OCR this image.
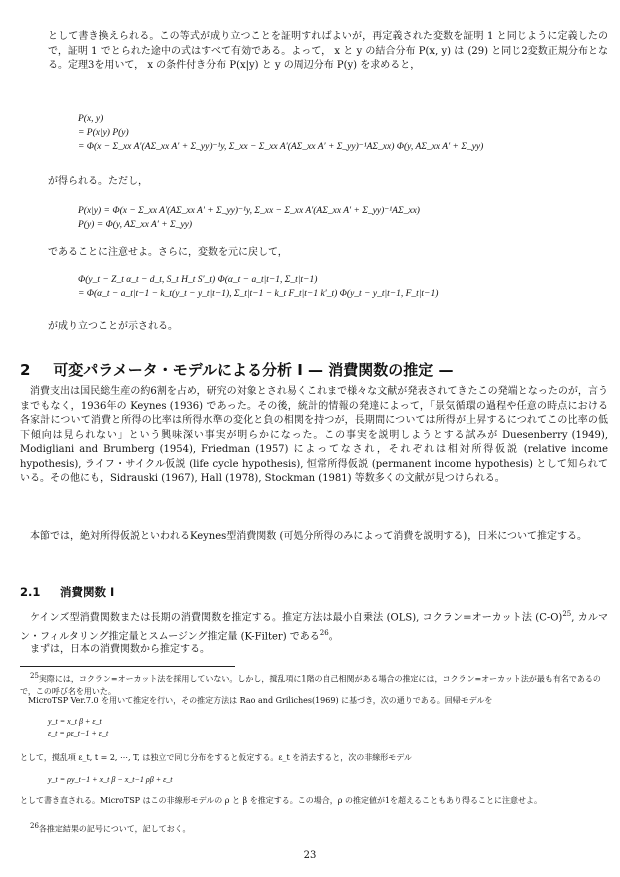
として書き換えられる。この等式が成り立つことを証明すればよいが，再定義された変数を証明 1 と同じように定義したので，証明 1 でとられた途中の式はすべて有効である。よって， x と y の結合分布 P(x, y) は (29) と同じ2変数正規分布となる。定理3を用いて， x の条件付き分布 P(x|y) と y の周辺分布 P(y) を求めると，

P(x, y)
= P(x|y) P(y)
= Φ(x − Σ_xx A′(AΣ_xx A′ + Σ_yy)⁻¹y, Σ_xx − Σ_xx A′(AΣ_xx A′ + Σ_yy)⁻¹AΣ_xx) Φ(y, AΣ_xx A′ + Σ_yy)

が得られる。ただし，

P(x|y) = Φ(x − Σ_xx A′(AΣ_xx A′ + Σ_yy)⁻¹y, Σ_xx − Σ_xx A′(AΣ_xx A′ + Σ_yy)⁻¹AΣ_xx)
P(y) = Φ(y, AΣ_xx A′ + Σ_yy)

であることに注意せよ。さらに，変数を元に戻して，

Φ(y_t − Z_t α_t − d_t, S_t H_t S′_t) Φ(α_t − a_t|t−1, Σ_t|t−1)
= Φ(α_t − a_t|t−1 − k_t(y_t − y_t|t−1), Σ_t|t−1 − k_t F_t|t−1 k′_t) Φ(y_t − y_t|t−1, F_t|t−1)

が成り立つことが示される。

2 可変パラメータ・モデルによる分析 I — 消費関数の推定 —

消費支出は国民総生産の約6割を占め，研究の対象とされ易くこれまで様々な文献が発表されてきたこの発端となったのが，言うまでもなく，1936年の Keynes (1936) であった。その後，統計的情報の発達によって，「景気循環の過程や任意の時点における各家計について消費と所得の比率は所得水準の変化と負の相関を持つが，長期間については所得が上昇するにつれてこの比率の低下傾向は見られない」という興味深い事実が明らかになった。この事実を説明しようとする試みが Duesenberry (1949), Modigliani and Brumberg (1954), Friedman (1957) によってなされ，それぞれは相対所得仮説 (relative income hypothesis), ライフ・サイクル仮説 (life cycle hypothesis), 恒常所得仮説 (permanent income hypothesis) として知られている。その他にも，Sidrauski (1967), Hall (1978), Stockman (1981) 等数多くの文献が見つけられる。

本節では，絶対所得仮説といわれるKeynes型消費関数 (可処分所得のみによって消費を説明する)，日米について推定する。

2.1 消費関数 I

ケインズ型消費関数または長期の消費関数を推定する。推定方法は最小自乗法 (OLS), コクラン=オーカット法 $(C-O)^{25}$, カルマン・フィルタリング推定量とスムージング推定量 (K-Filter) である$^{26}$。

まずは，日本の消費関数から推定する。

$^{25}$実際には，コクラン=オーカット法を採用していない。しかし，撹乱項に1階の自己相関がある場合の推定には，コクラン=オーカット法が最も有名であるので，この呼び名を用いた。

MicroTSP Ver.7.0 を用いて推定を行い，その推定方法は Rao and Griliches(1969) に基づき，次の通りである。回帰モデルを

y_t = x_t β + ε_t
ε_t = ρε_t−1 + ε_t

として，撹乱項 ε_t, t = 2, ⋯, T, は独立で同じ分布をすると仮定する。ε_t を消去すると，次の非線形モデル

y_t = ρy_t−1 + x_t β − x_t−1 ρβ + ε_t

として書き直される。MicroTSP はこの非線形モデルの ρ と β を推定する。この場合，ρ の推定値が1を超えることもあり得ることに注意せよ。

$^{26}$各推定結果の記号について，記しておく。

23
